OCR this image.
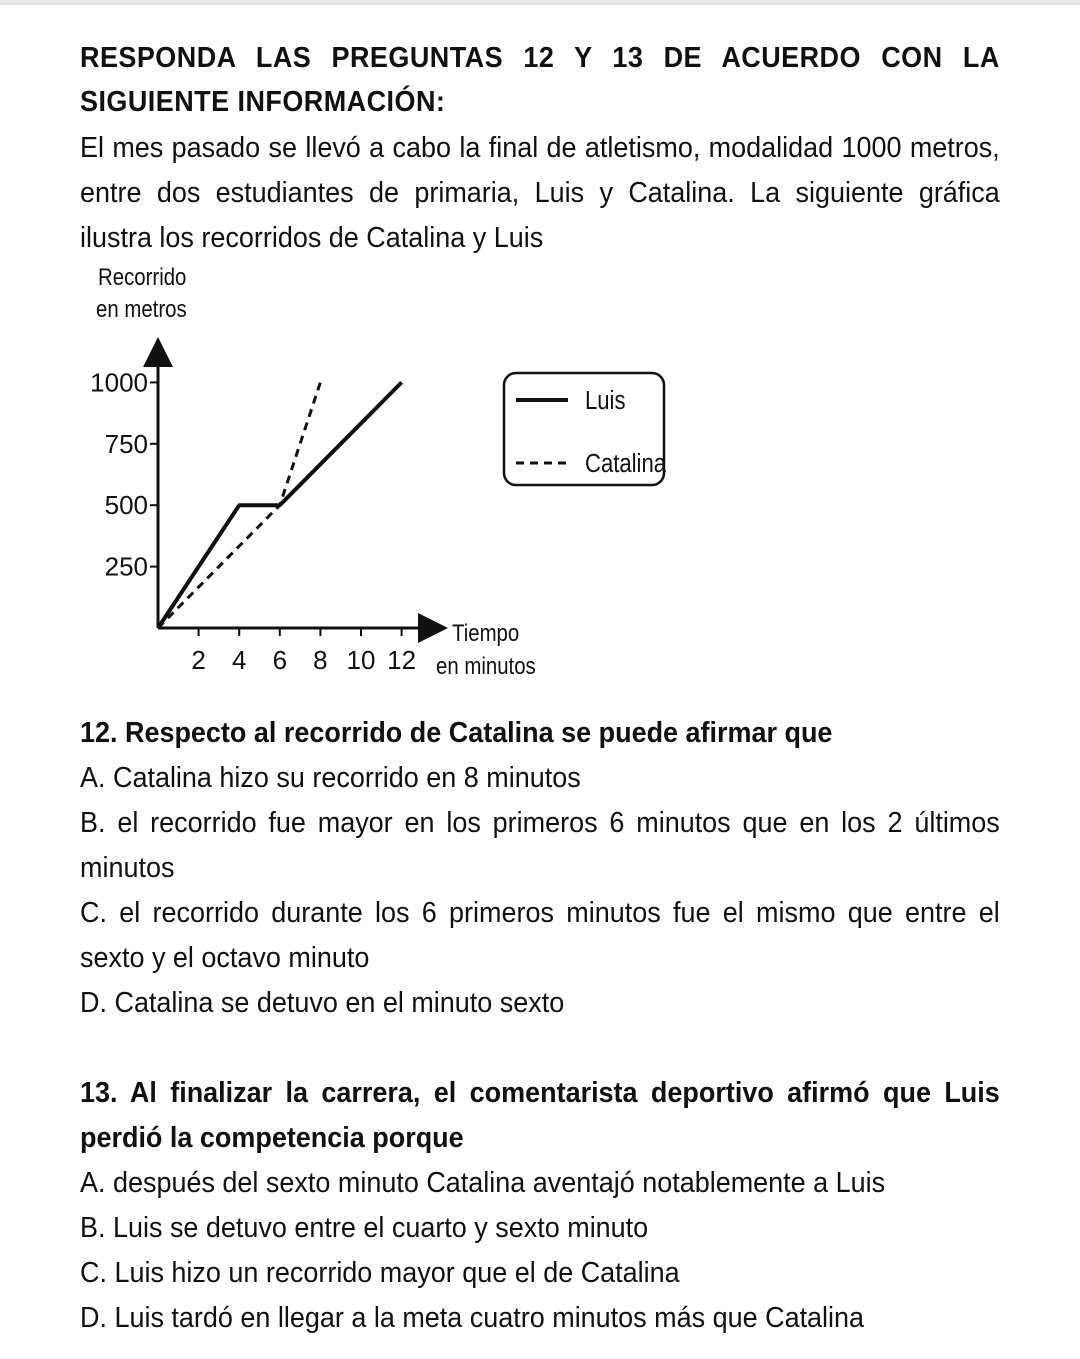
RESPONDA LAS PREGUNTAS 12 Y 13 DE ACUERDO CON LA SIGUIENTE INFORMACIÓN:
El mes pasado se llevó a cabo la final de atletismo, modalidad 1000 metros, entre dos estudiantes de primaria, Luis y Catalina. La siguiente gráfica ilustra los recorridos de Catalina y Luis
Recorrido
en metros
Tiempo
en minutos
2 4 6 8 10 12
250
500
750
1000
Luis
Catalina
12. Respecto al recorrido de Catalina se puede afirmar que
A. Catalina hizo su recorrido en 8 minutos
B. el recorrido fue mayor en los primeros 6 minutos que en los 2 últimos minutos
C. el recorrido durante los 6 primeros minutos fue el mismo que entre el sexto y el octavo minuto
D. Catalina se detuvo en el minuto sexto
13. Al finalizar la carrera, el comentarista deportivo afirmó que Luis perdió la competencia porque
A. después del sexto minuto Catalina aventajó notablemente a Luis
B. Luis se detuvo entre el cuarto y sexto minuto
C. Luis hizo un recorrido mayor que el de Catalina
D. Luis tardó en llegar a la meta cuatro minutos más que Catalina
